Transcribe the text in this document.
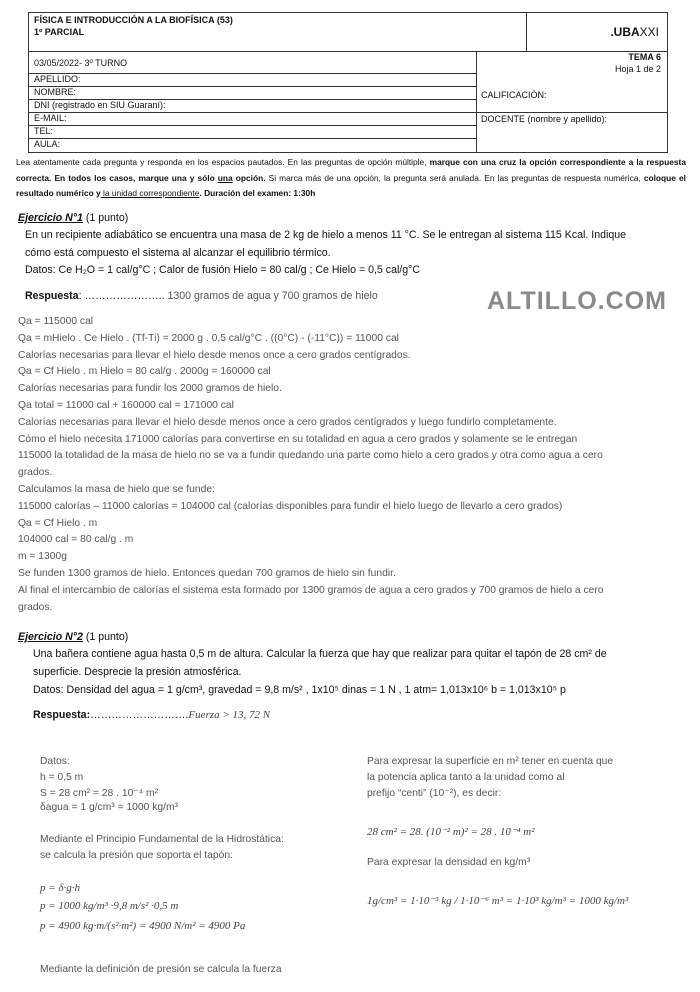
FÍSICA E INTRODUCCIÓN A LA BIOFÍSICA (53)
1º PARCIAL	.UBAXXI
03/05/2022- 3º TURNO
TEMA 6
Hoja 1 de 2
APELLIDO:
NOMBRE:
DNI (registrado en SIU Guaraní):
E-MAIL:
TEL:
AULA:
CALIFICACIÓN:
DOCENTE (nombre y apellido):
Lea atentamente cada pregunta y responda en los espacios pautados. En las preguntas de opción múltiple, marque con una cruz la opción correspondiente a la respuesta correcta. En todos los casos, marque una y sólo una opción. Si marca más de una opción, la pregunta será anulada. En las preguntas de respuesta numérica, coloque el resultado numérico y la unidad correspondiente. Duración del examen: 1:30h
ALTILLO.COM
Ejercicio N°1 (1 punto)
En un recipiente adiabático se encuentra una masa de 2 kg de hielo a menos 11 °C. Se le entregan al sistema 115 Kcal. Indique
cómo está compuesto el sistema al alcanzar el equilibrio térmico.
Datos: Ce H₂O = 1 cal/g°C ; Calor de fusión Hielo = 80 cal/g ; Ce Hielo = 0,5 cal/g°C
Respuesta: ………………….. 1300 gramos de agua y 700 gramos de hielo
Qa = 115000 cal
Qa = mHielo . Ce Hielo . (Tf-Ti) = 2000 g . 0,5 cal/g°C . ((0°C) - (-11°C)) = 11000 cal
Calorías necesarias para llevar el hielo desde menos once a cero grados centígrados.
Qa = Cf Hielo . m Hielo = 80 cal/g . 2000g = 160000 cal
Calorías necesarias para fundir los 2000 gramos de hielo.
Qa total = 11000 cal + 160000 cal = 171000 cal
Calorías necesarias para llevar el hielo desde menos once a cero grados centígrados y luego fundirlo completamente.
Cómo el hielo necesita 171000 calorías para convertirse en su totalidad en agua a cero grados y solamente se le entregan
115000 la totalidad de la masa de hielo no se va a fundir quedando una parte como hielo a cero grados y otra como agua a cero
grados.
Calculamos la masa de hielo que se funde:
115000 calorías – 11000 calorías = 104000 cal (calorías disponibles para fundir el hielo luego de llevarlo a cero grados)
Qa = Cf Hielo . m
104000 cal = 80 cal/g . m
m = 1300g
Se funden 1300 gramos de hielo. Entonces quedan 700 gramos de hielo sin fundir.
Al final el intercambio de calorías el sistema esta formado por 1300 gramos de agua a cero grados y 700 gramos de hielo a cero
grados.
Ejercicio N°2 (1 punto)
Una bañera contiene agua hasta 0,5 m de altura. Calcular la fuerza que hay que realizar para quitar el tapón de 28 cm² de
superficie. Desprecie la presión atmosférica.
Datos: Densidad del agua = 1 g/cm³, gravedad = 9,8 m/s² , 1x10⁵ dinas = 1 N , 1 atm= 1,013x10⁶ b = 1,013x10⁵ p
Respuesta:……………………….Fuerza > 13, 72 N
Datos:
h = 0,5 m
S = 28 cm² = 28 . 10⁻⁴ m²
δagua = 1 g/cm³ = 1000 kg/m³
Mediante el Principio Fundamental de la Hidrostática:
se calcula la presión que soporta el tapón:
p = δ·g·h
p = 1000 kg/m³ ·9,8 m/s² ·0,5 m
p = 4900 kg·m/(s²·m²) = 4900 N/m² = 4900 Pa
Mediante la definición de presión se calcula la fuerza
Para expresar la superficie en m² tener en cuenta que
la potencia aplica tanto a la unidad como al
prefijo “centi” (10⁻²), es decir:
28 cm² = 28. (10⁻² m)² = 28 . 10⁻⁴ m²
Para expresar la densidad en kg/m³
1g/cm³ = 1·10⁻³ kg / 1·10⁻⁶ m³ = 1·10³ kg/m³ = 1000 kg/m³
